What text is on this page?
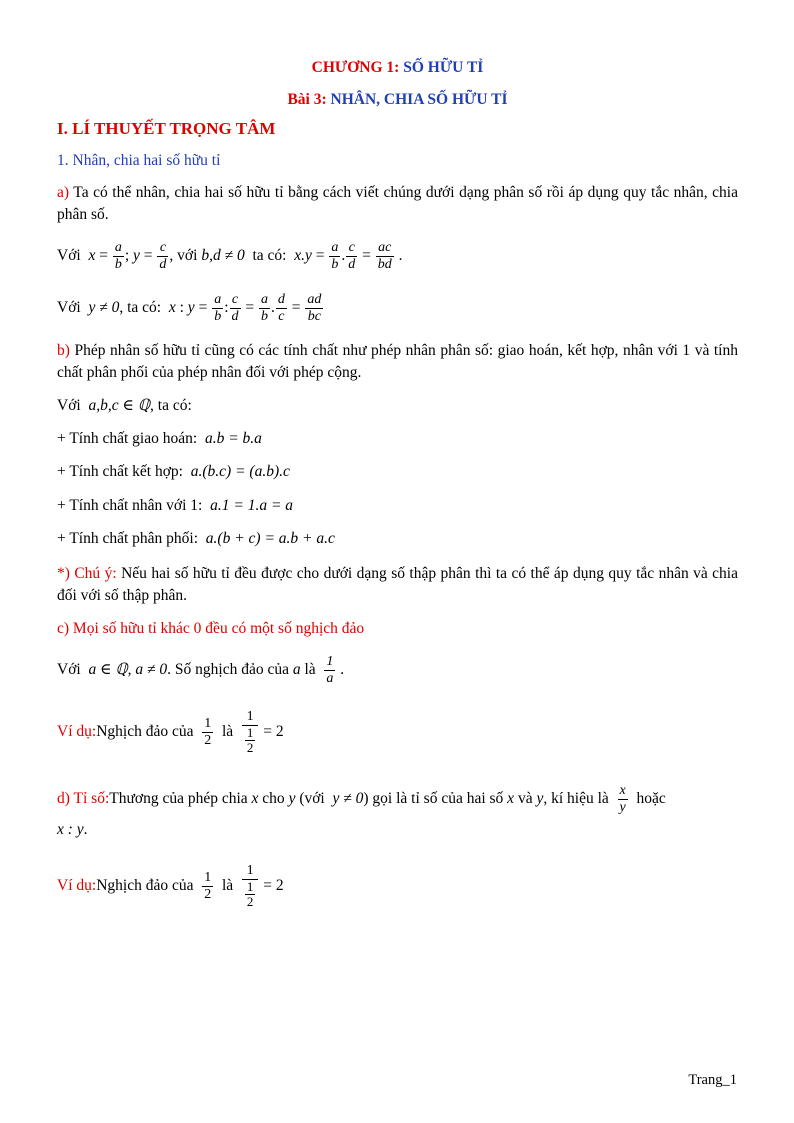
CHƯƠNG 1: SỐ HỮU TỈ
Bài 3: NHÂN, CHIA SỐ HỮU TỈ
I. LÍ THUYẾT TRỌNG TÂM
1. Nhân, chia hai số hữu tỉ
a) Ta có thể nhân, chia hai số hữu tỉ bằng cách viết chúng dưới dạng phân số rồi áp dụng quy tắc nhân, chia phân số.
Với
$x = \frac{a}{b}$ ; $y = \frac{c}{d}$ , với
b,d ≠ 0
ta có:
$x.y = \frac{a}{b}$ . $\frac{c}{d} = \frac{ac}{bd}$ .
Với
y ≠ 0 , ta có:
x : $y = \frac{a}{b}$ : $\frac{c}{d} = \frac{a}{b}$ . $\frac{d}{c} = \frac{ad}{bc}$
b) Phép nhân số hữu tỉ cũng có các tính chất như phép nhân phân số: giao hoán, kết hợp, nhân với 1 và tính chất phân phối của phép nhân đối với phép cộng.
Với a,b,c ∈ ℚ, ta có:
+ Tính chất giao hoán: a.b = b.a
+ Tính chất kết hợp: a.(b.c) = (a.b).c
+ Tính chất nhân với 1: a.1 = 1.a = a
+ Tính chất phân phối: a.(b + c) = a.b + a.c
*) Chú ý: Nếu hai số hữu tỉ đều được cho dưới dạng số thập phân thì ta có thể áp dụng quy tắc nhân và chia đối với số thập phân.
c) Mọi số hữu tỉ khác 0 đều có một số nghịch đảo
Với
a ∈ ℚ, a ≠ 0 . Số nghịch đảo của
a
là
$\frac{1}{a}$ .
Ví dụ: Nghịch đảo của
$\frac{1}{2}$
là
$\frac{1}{\frac{1}{2}}$
= 2
d) Tỉ số: Thương của phép chia
x
cho
y
(với
y ≠ 0 ) gọi là tỉ số của hai số
x
và
y , kí hiệu là
$\frac{x}{y}$
hoặc
x : y.
Ví dụ: Nghịch đảo của
$\frac{1}{2}$
là
$\frac{1}{\frac{1}{2}}$
= 2
Trang_1
